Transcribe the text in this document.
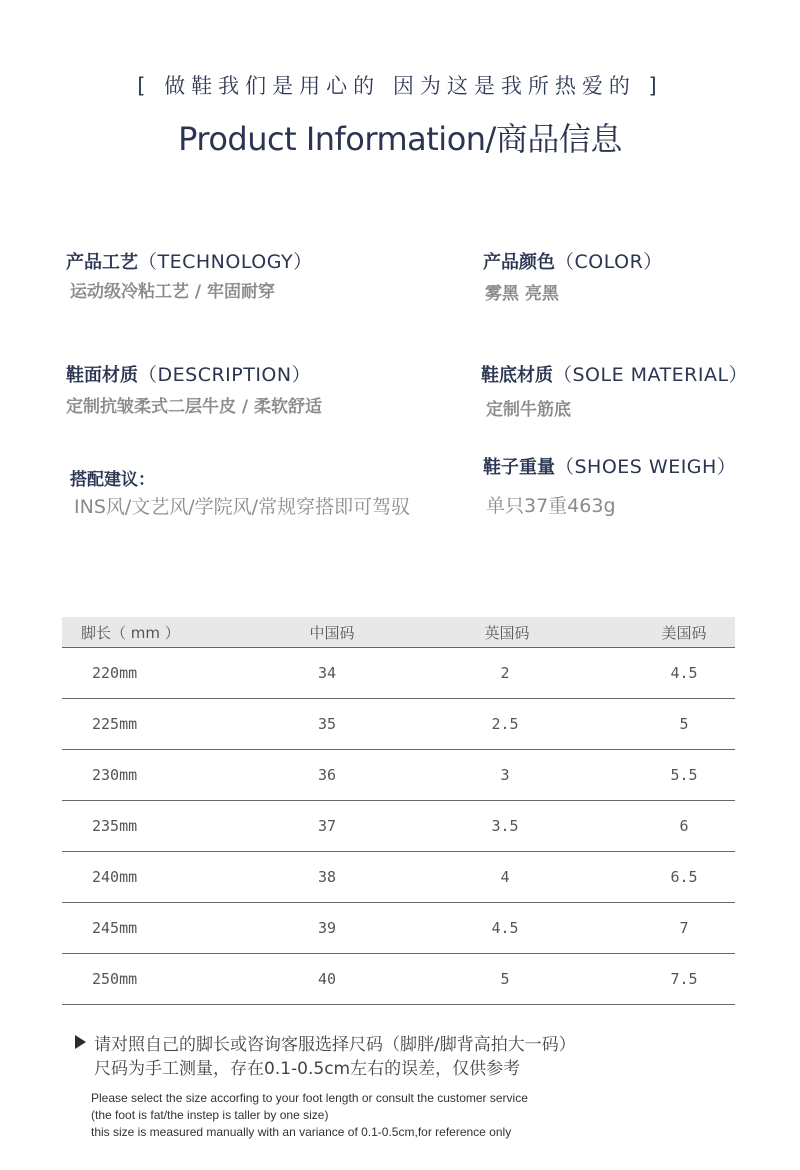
[ 做鞋我们是用心的 因为这是我所热爱的 ]
Product Information/商品信息
产品工艺（TECHNOLOGY）
运动级冷粘工艺 / 牢固耐穿
鞋面材质（DESCRIPTION）
定制抗皱柔式二层牛皮 / 柔软舒适
搭配建议：
INS风/文艺风/学院风/常规穿搭即可驾驭
产品颜色（COLOR）
雾黑 亮黑
鞋底材质（SOLE MATERIAL）
定制牛筋底
鞋子重量（SHOES WEIGH）
单只37重463g
脚长（ mm ）	中国码	英国码	美国码
220mm	34	2	4.5
225mm	35	2.5	5
230mm	36	3	5.5
235mm	37	3.5	6
240mm	38	4	6.5
245mm	39	4.5	7
250mm	40	5	7.5
请对照自己的脚长或咨询客服选择尺码（脚胖/脚背高拍大一码）
尺码为手工测量，存在0.1-0.5cm左右的误差，仅供参考
Please select the size accorfing to your foot length or consult the customer service
(the foot is fat/the instep is taller by one size)
this size is measured manually with an variance of 0.1-0.5cm,for reference only
